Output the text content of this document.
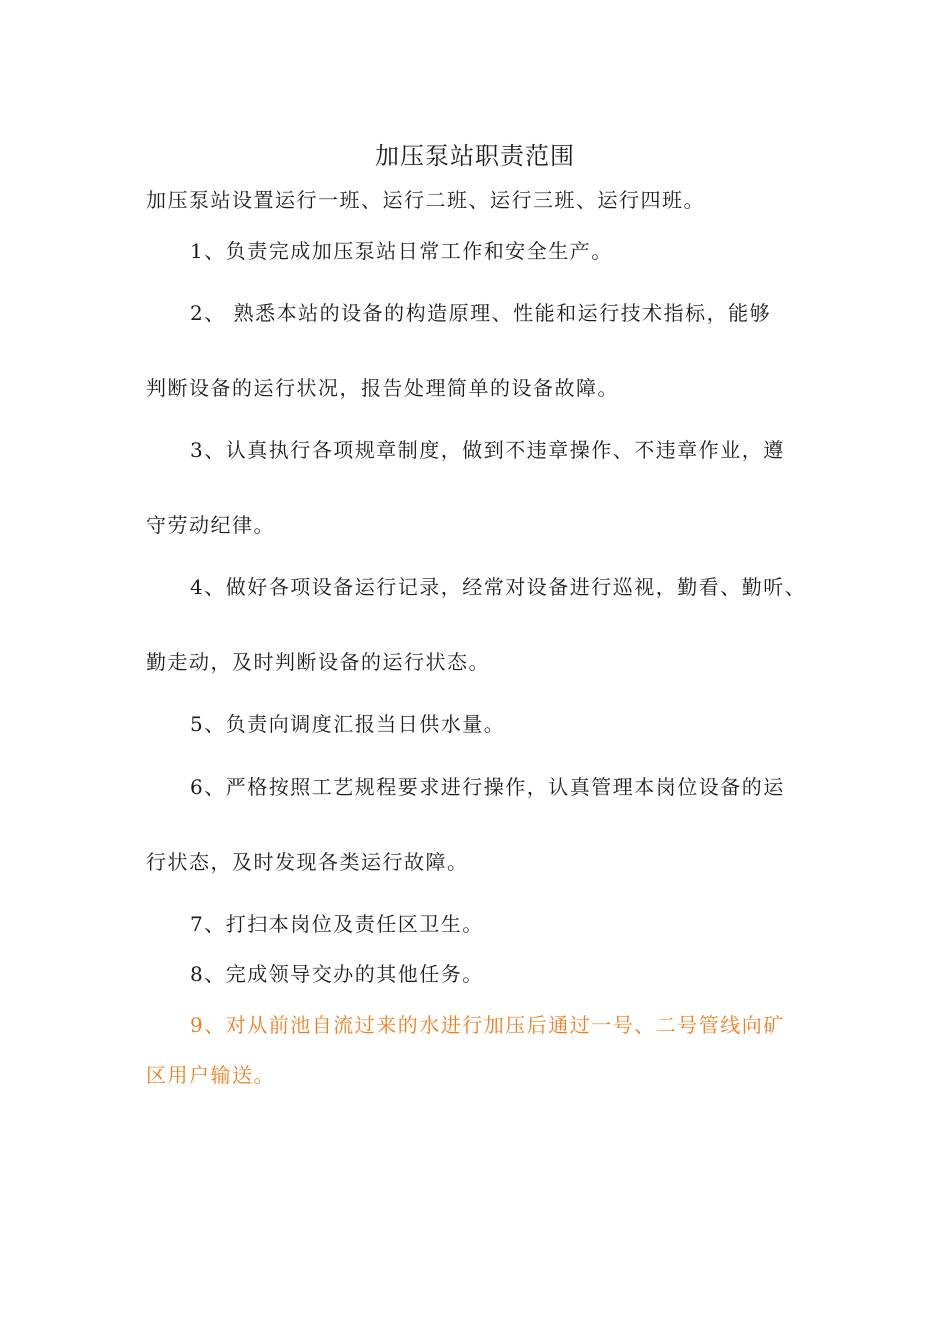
加压泵站职责范围
加压泵站设置运行一班、运行二班、运行三班、运行四班。
1、负责完成加压泵站日常工作和安全生产。
2、 熟悉本站的设备的构造原理、性能和运行技术指标，能够
判断设备的运行状况，报告处理简单的设备故障。
3、认真执行各项规章制度，做到不违章操作、不违章作业，遵
守劳动纪律。
4、做好各项设备运行记录，经常对设备进行巡视，勤看、勤听、
勤走动，及时判断设备的运行状态。
5、负责向调度汇报当日供水量。
6、严格按照工艺规程要求进行操作，认真管理本岗位设备的运
行状态，及时发现各类运行故障。
7、打扫本岗位及责任区卫生。
8、完成领导交办的其他任务。
9、对从前池自流过来的水进行加压后通过一号、二号管线向矿
区用户输送。
